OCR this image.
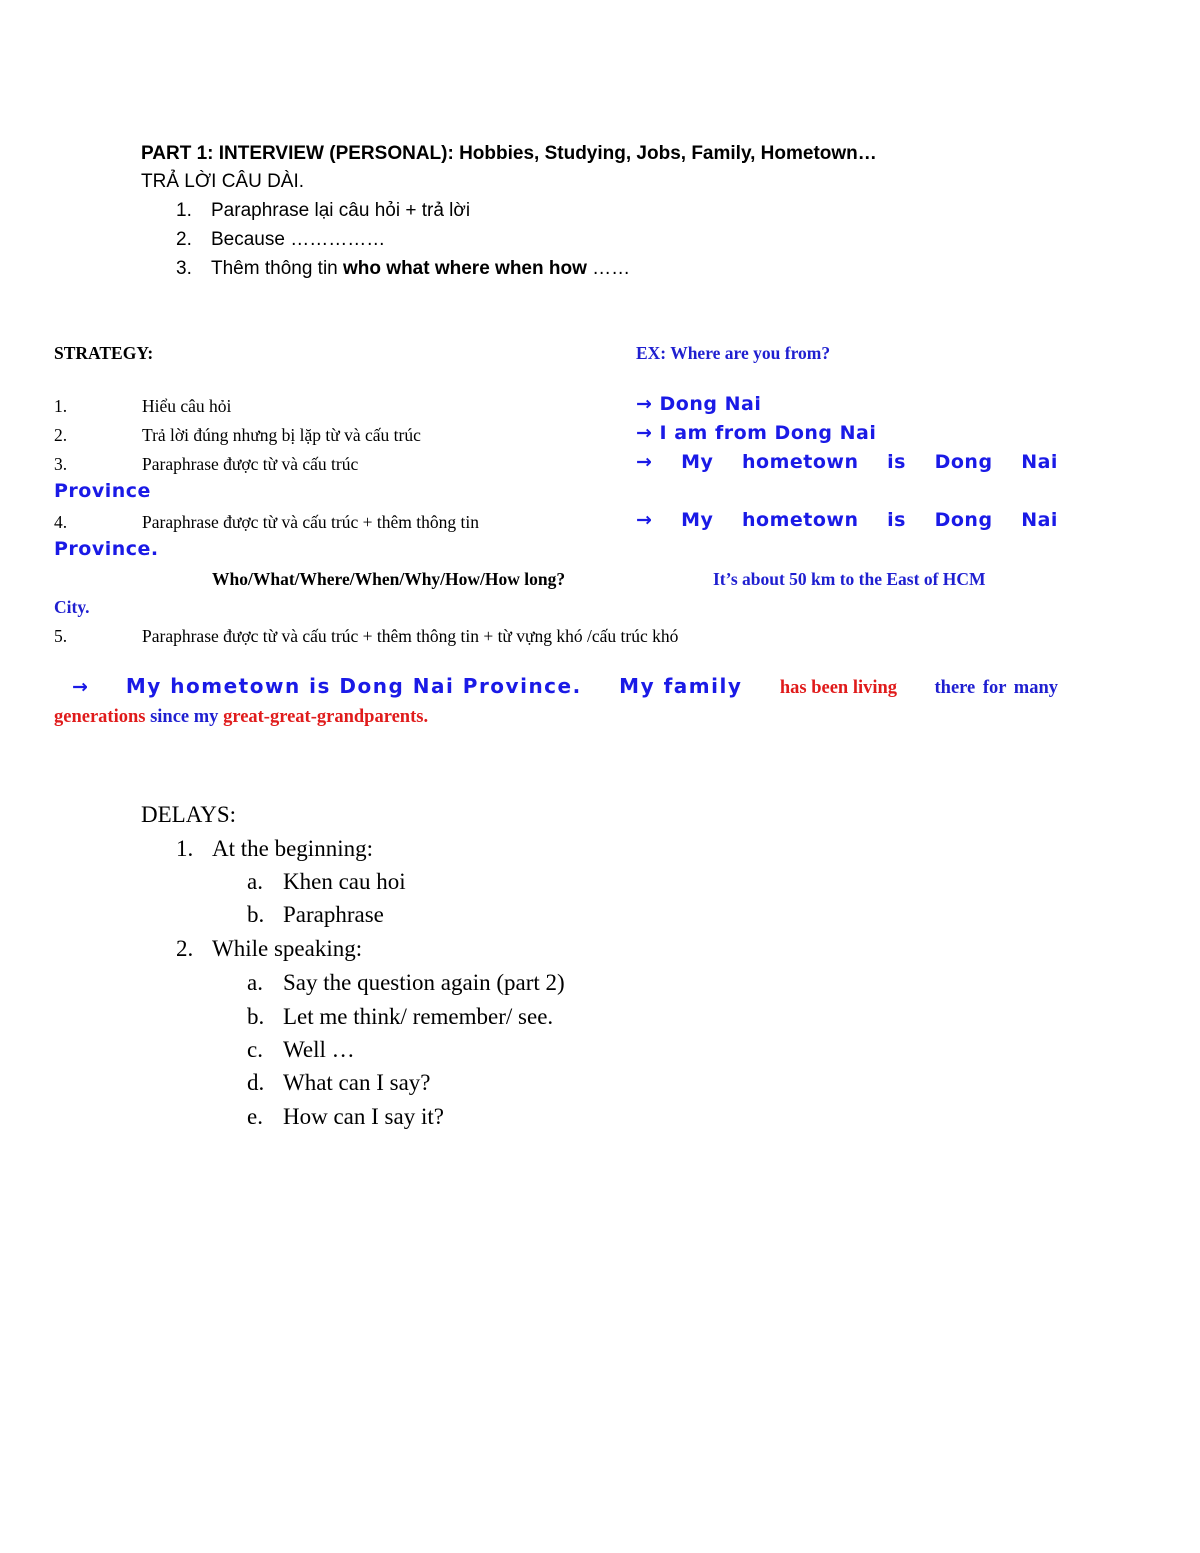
PART 1: INTERVIEW (PERSONAL): Hobbies, Studying, Jobs, Family, Hometown…
TRẢ LỜI CÂU DÀI.
1. Paraphrase lại câu hỏi + trả lời
2. Because ……………
3. Thêm thông tin who what where when how ……
STRATEGY:	EX: Where are you from?
1.	Hiểu câu hỏi	→ Dong Nai
2.	Trả lời đúng nhưng bị lặp từ và cấu trúc	→ I am from Dong Nai
3.	Paraphrase được từ và cấu trúc	→ My hometown is Dong Nai
Province
4.	Paraphrase được từ và cấu trúc + thêm thông tin	→ My hometown is Dong Nai
Province.
Who/What/Where/When/Why/How/How long?	It’s about 50 km to the East of HCM
City.
5.	Paraphrase được từ và cấu trúc + thêm thông tin + từ vựng khó /cấu trúc khó
→ My hometown is Dong Nai Province. My family has been living there for many
generations since my great-great-grandparents.
DELAYS:
1. At the beginning:
a. Khen cau hoi
b. Paraphrase
2. While speaking:
a. Say the question again (part 2)
b. Let me think/ remember/ see.
c. Well …
d. What can I say?
e. How can I say it?
